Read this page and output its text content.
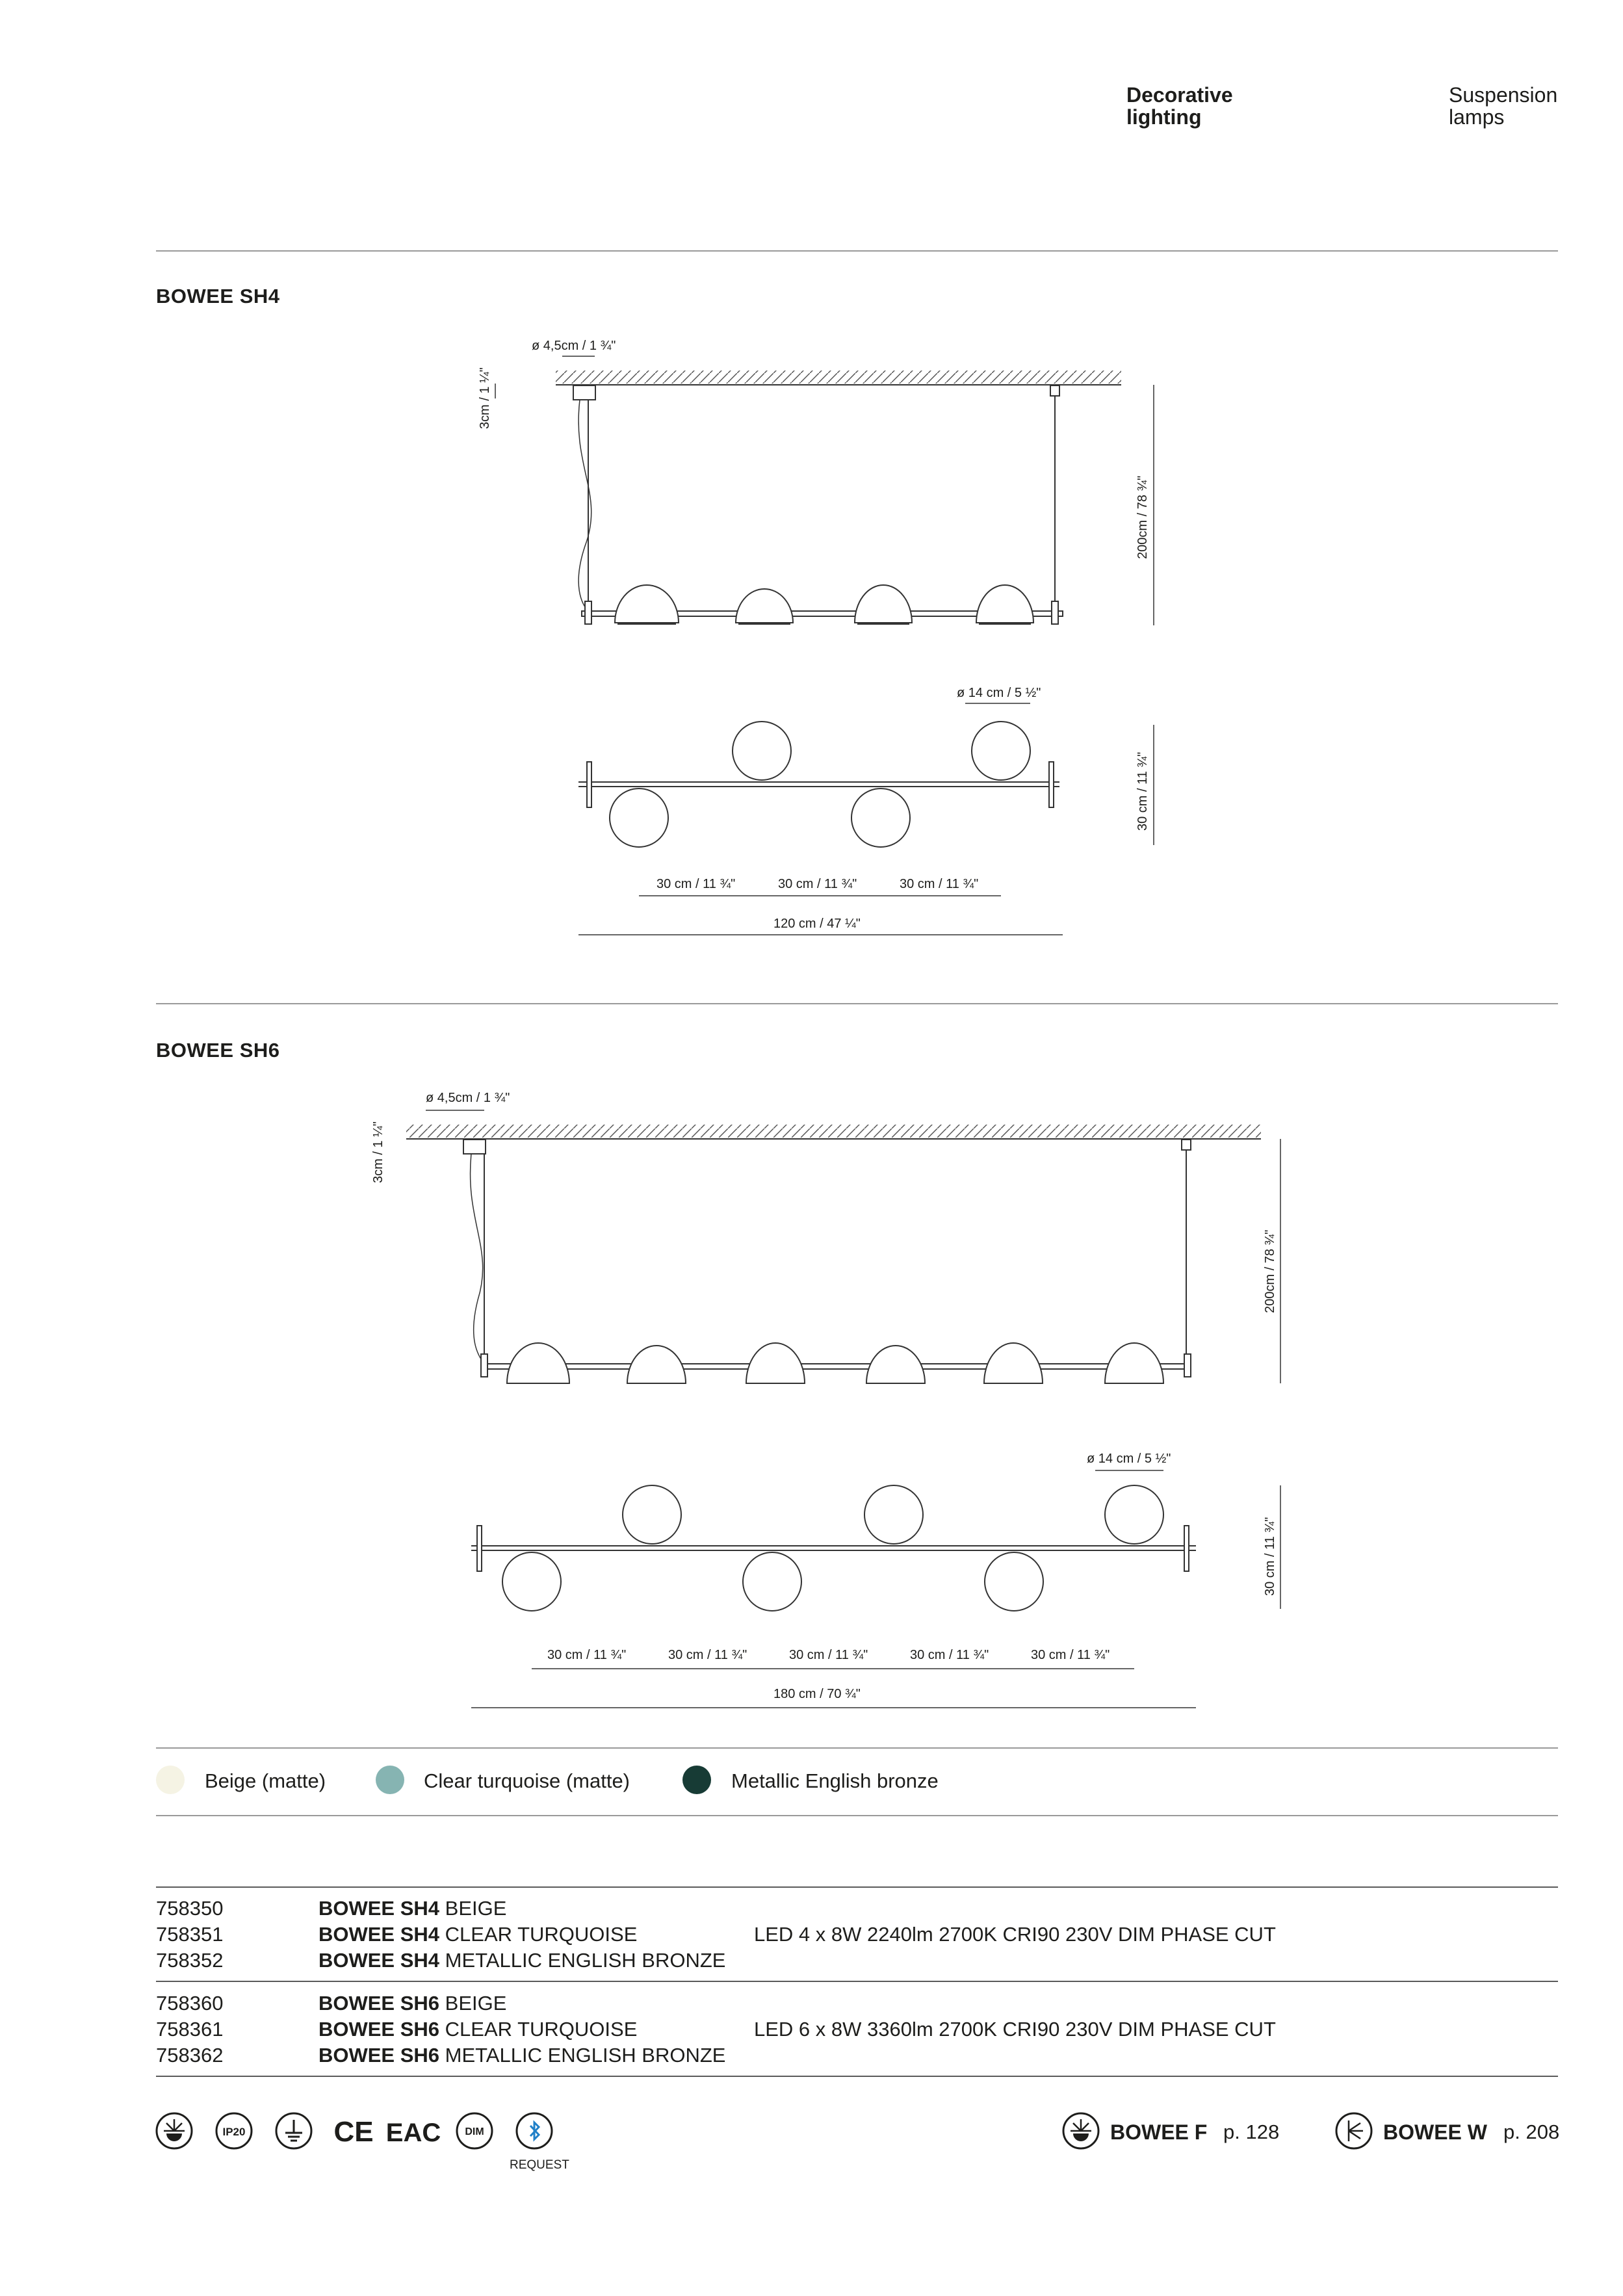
Decorative
lighting
Suspension
lamps
BOWEE SH4
ø 4,5cm / 1 ¾"
3cm / 1 ¼"
200cm / 78 ¾"
ø 14 cm / 5 ½"
30 cm / 11 ¾"
30 cm / 11 ¾"	30 cm / 11 ¾"	30 cm / 11 ¾"
120 cm / 47 ¼"
BOWEE SH6
ø 4,5cm / 1 ¾"
3cm / 1 ¼"
200cm / 78 ¾"
ø 14 cm / 5 ½"
30 cm / 11 ¾"
30 cm / 11 ¾"	30 cm / 11 ¾"	30 cm / 11 ¾"	30 cm / 11 ¾"	30 cm / 11 ¾"
180 cm / 70 ¾"
Beige (matte)	Clear turquoise (matte)	Metallic English bronze
758350	BOWEE SH4 BEIGE
758351	BOWEE SH4 CLEAR TURQUOISE	LED 4 x 8W 2240lm 2700K CRI90 230V DIM PHASE CUT
758352	BOWEE SH4 METALLIC ENGLISH BRONZE
758360	BOWEE SH6 BEIGE
758361	BOWEE SH6 CLEAR TURQUOISE	LED 6 x 8W 3360lm 2700K CRI90 230V DIM PHASE CUT
758362	BOWEE SH6 METALLIC ENGLISH BRONZE
IP20	CE EAC DIM
REQUEST
BOWEE F p. 128	BOWEE W p. 208
